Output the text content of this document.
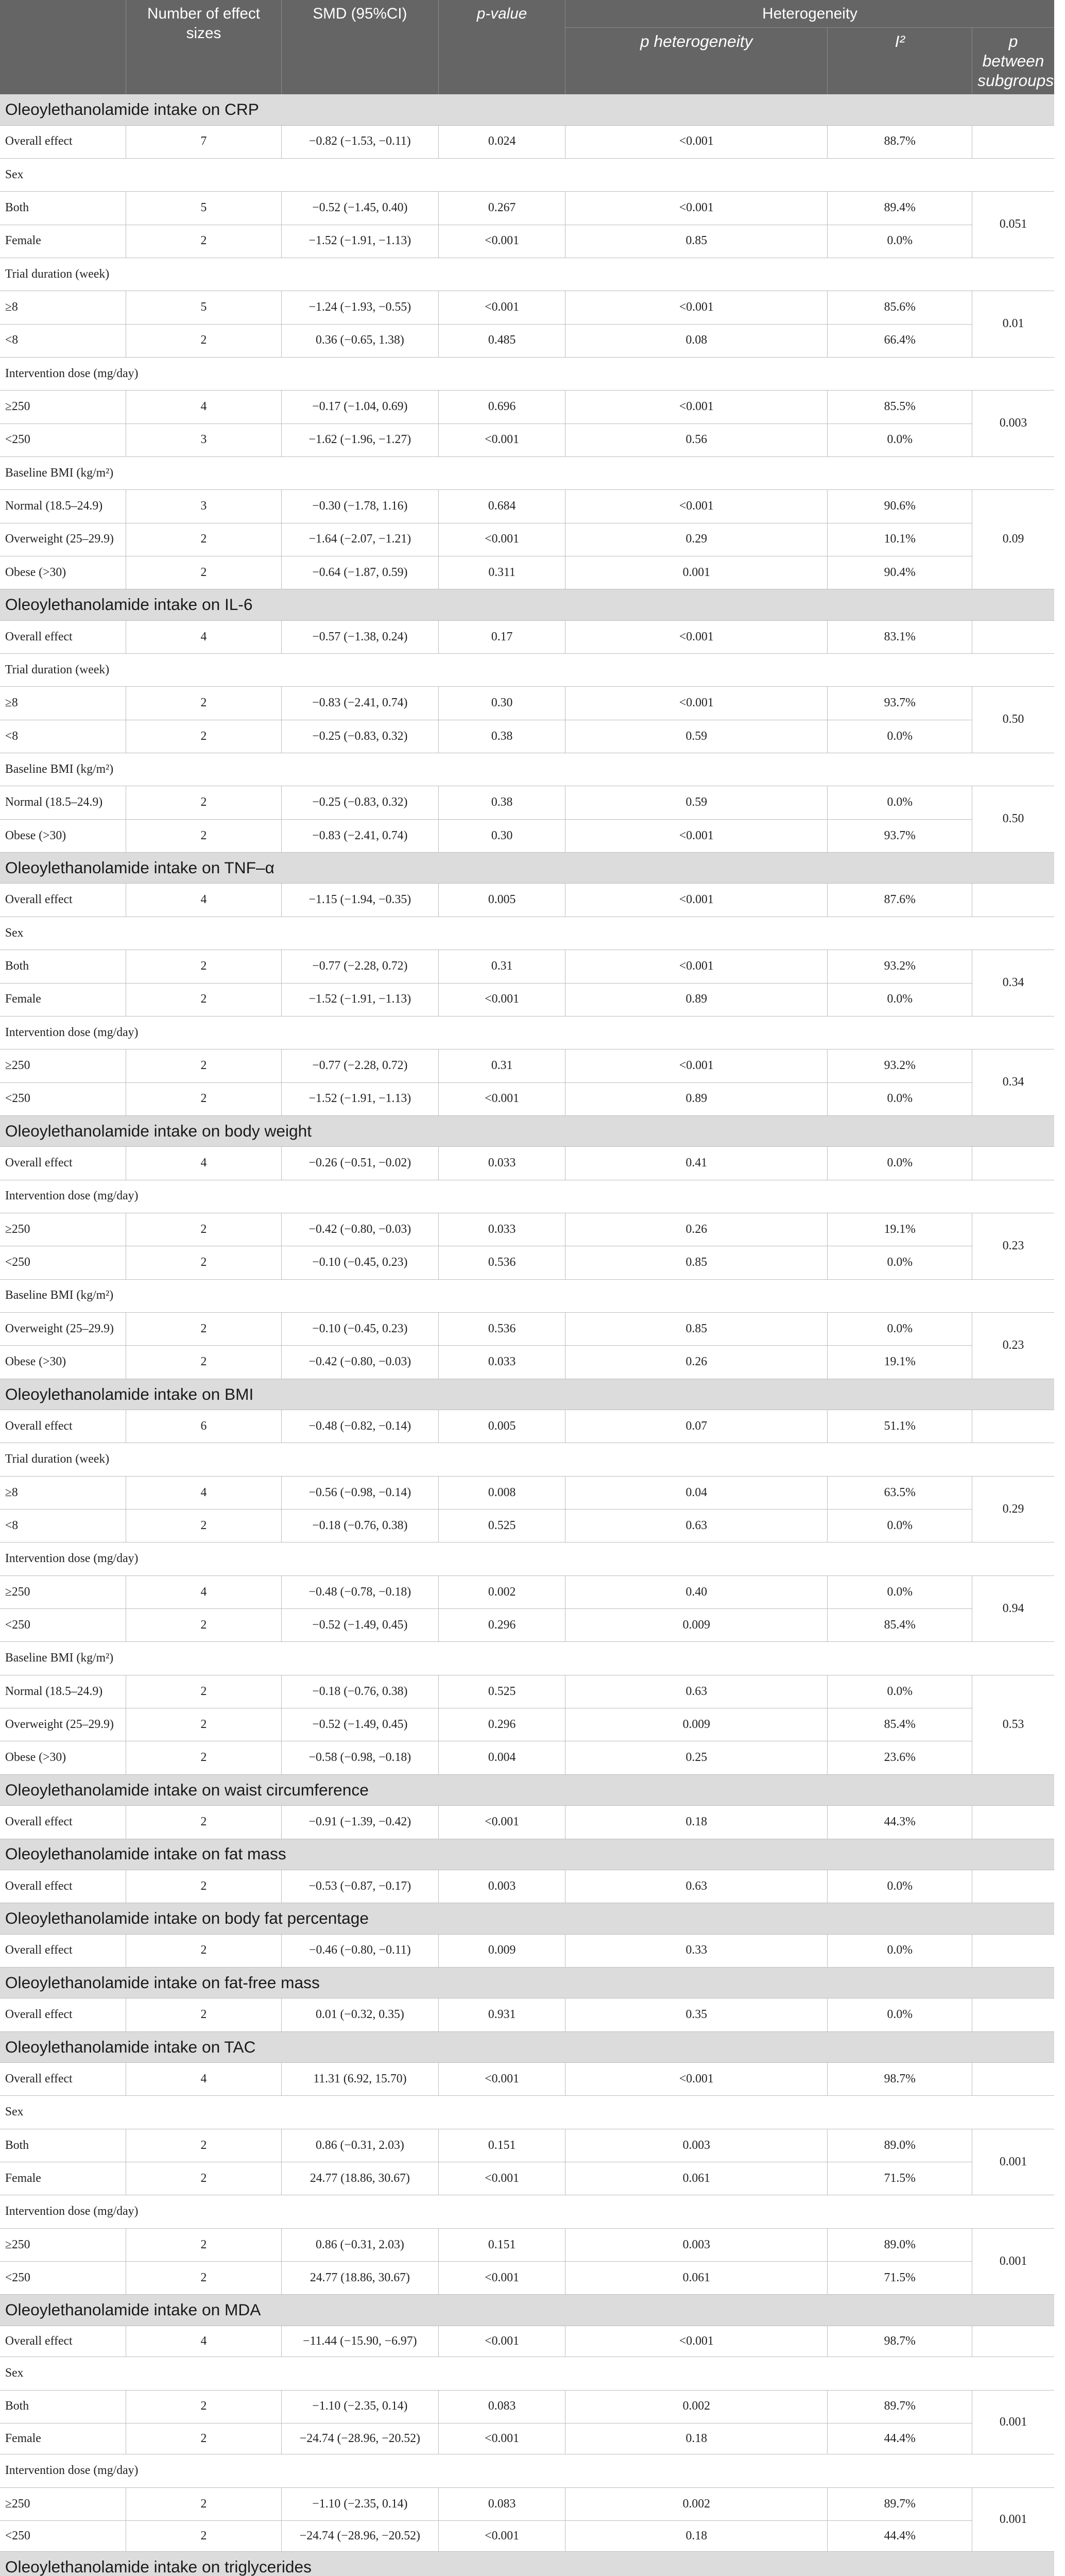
	Number of effect sizes	SMD (95%CI)	p-value	Heterogeneity		
				p heterogeneity	I²	p between subgroups
Oleoylethanolamide intake on CRP						
Overall effect	7	−0.82 (−1.53, −0.11)	0.024	<0.001	88.7%	
Sex						
Both	5	−0.52 (−1.45, 0.40)	0.267	<0.001	89.4%	0.051
Female	2	−1.52 (−1.91, −1.13)	<0.001	0.85	0.0%	
Trial duration (week)						
≥8	5	−1.24 (−1.93, −0.55)	<0.001	<0.001	85.6%	0.01
<8	2	0.36 (−0.65, 1.38)	0.485	0.08	66.4%	
Intervention dose (mg/day)						
≥250	4	−0.17 (−1.04, 0.69)	0.696	<0.001	85.5%	0.003
<250	3	−1.62 (−1.96, −1.27)	<0.001	0.56	0.0%	
Baseline BMI (kg/m²)						
Normal (18.5–24.9)	3	−0.30 (−1.78, 1.16)	0.684	<0.001	90.6%	0.09
Overweight (25–29.9)	2	−1.64 (−2.07, −1.21)	<0.001	0.29	10.1%	
Obese (>30)	2	−0.64 (−1.87, 0.59)	0.311	0.001	90.4%	
Oleoylethanolamide intake on IL-6						
Overall effect	4	−0.57 (−1.38, 0.24)	0.17	<0.001	83.1%	
Trial duration (week)						
≥8	2	−0.83 (−2.41, 0.74)	0.30	<0.001	93.7%	0.50
<8	2	−0.25 (−0.83, 0.32)	0.38	0.59	0.0%	
Baseline BMI (kg/m²)						
Normal (18.5–24.9)	2	−0.25 (−0.83, 0.32)	0.38	0.59	0.0%	0.50
Obese (>30)	2	−0.83 (−2.41, 0.74)	0.30	<0.001	93.7%	
Oleoylethanolamide intake on TNF–α						
Overall effect	4	−1.15 (−1.94, −0.35)	0.005	<0.001	87.6%	
Sex						
Both	2	−0.77 (−2.28, 0.72)	0.31	<0.001	93.2%	0.34
Female	2	−1.52 (−1.91, −1.13)	<0.001	0.89	0.0%	
Intervention dose (mg/day)						
≥250	2	−0.77 (−2.28, 0.72)	0.31	<0.001	93.2%	0.34
<250	2	−1.52 (−1.91, −1.13)	<0.001	0.89	0.0%	
Oleoylethanolamide intake on body weight						
Overall effect	4	−0.26 (−0.51, −0.02)	0.033	0.41	0.0%	
Intervention dose (mg/day)						
≥250	2	−0.42 (−0.80, −0.03)	0.033	0.26	19.1%	0.23
<250	2	−0.10 (−0.45, 0.23)	0.536	0.85	0.0%	
Baseline BMI (kg/m²)						
Overweight (25–29.9)	2	−0.10 (−0.45, 0.23)	0.536	0.85	0.0%	0.23
Obese (>30)	2	−0.42 (−0.80, −0.03)	0.033	0.26	19.1%	
Oleoylethanolamide intake on BMI						
Overall effect	6	−0.48 (−0.82, −0.14)	0.005	0.07	51.1%	
Trial duration (week)						
≥8	4	−0.56 (−0.98, −0.14)	0.008	0.04	63.5%	0.29
<8	2	−0.18 (−0.76, 0.38)	0.525	0.63	0.0%	
Intervention dose (mg/day)						
≥250	4	−0.48 (−0.78, −0.18)	0.002	0.40	0.0%	0.94
<250	2	−0.52 (−1.49, 0.45)	0.296	0.009	85.4%	
Baseline BMI (kg/m²)						
Normal (18.5–24.9)	2	−0.18 (−0.76, 0.38)	0.525	0.63	0.0%	0.53
Overweight (25–29.9)	2	−0.52 (−1.49, 0.45)	0.296	0.009	85.4%	
Obese (>30)	2	−0.58 (−0.98, −0.18)	0.004	0.25	23.6%	
Oleoylethanolamide intake on waist circumference						
Overall effect	2	−0.91 (−1.39, −0.42)	<0.001	0.18	44.3%	
Oleoylethanolamide intake on fat mass						
Overall effect	2	−0.53 (−0.87, −0.17)	0.003	0.63	0.0%	
Oleoylethanolamide intake on body fat percentage						
Overall effect	2	−0.46 (−0.80, −0.11)	0.009	0.33	0.0%	
Oleoylethanolamide intake on fat-free mass						
Overall effect	2	0.01 (−0.32, 0.35)	0.931	0.35	0.0%	
Oleoylethanolamide intake on TAC						
Overall effect	4	11.31 (6.92, 15.70)	<0.001	<0.001	98.7%	
Sex						
Both	2	0.86 (−0.31, 2.03)	0.151	0.003	89.0%	0.001
Female	2	24.77 (18.86, 30.67)	<0.001	0.061	71.5%	
Intervention dose (mg/day)						
≥250	2	0.86 (−0.31, 2.03)	0.151	0.003	89.0%	0.001
<250	2	24.77 (18.86, 30.67)	<0.001	0.061	71.5%	
Oleoylethanolamide intake on MDA						
Overall effect	4	−11.44 (−15.90, −6.97)	<0.001	<0.001	98.7%	
Sex						
Both	2	−1.10 (−2.35, 0.14)	0.083	0.002	89.7%	0.001
Female	2	−24.74 (−28.96, −20.52)	<0.001	0.18	44.4%	
Intervention dose (mg/day)						
≥250	2	−1.10 (−2.35, 0.14)	0.083	0.002	89.7%	0.001
<250	2	−24.74 (−28.96, −20.52)	<0.001	0.18	44.4%	
Oleoylethanolamide intake on triglycerides						
